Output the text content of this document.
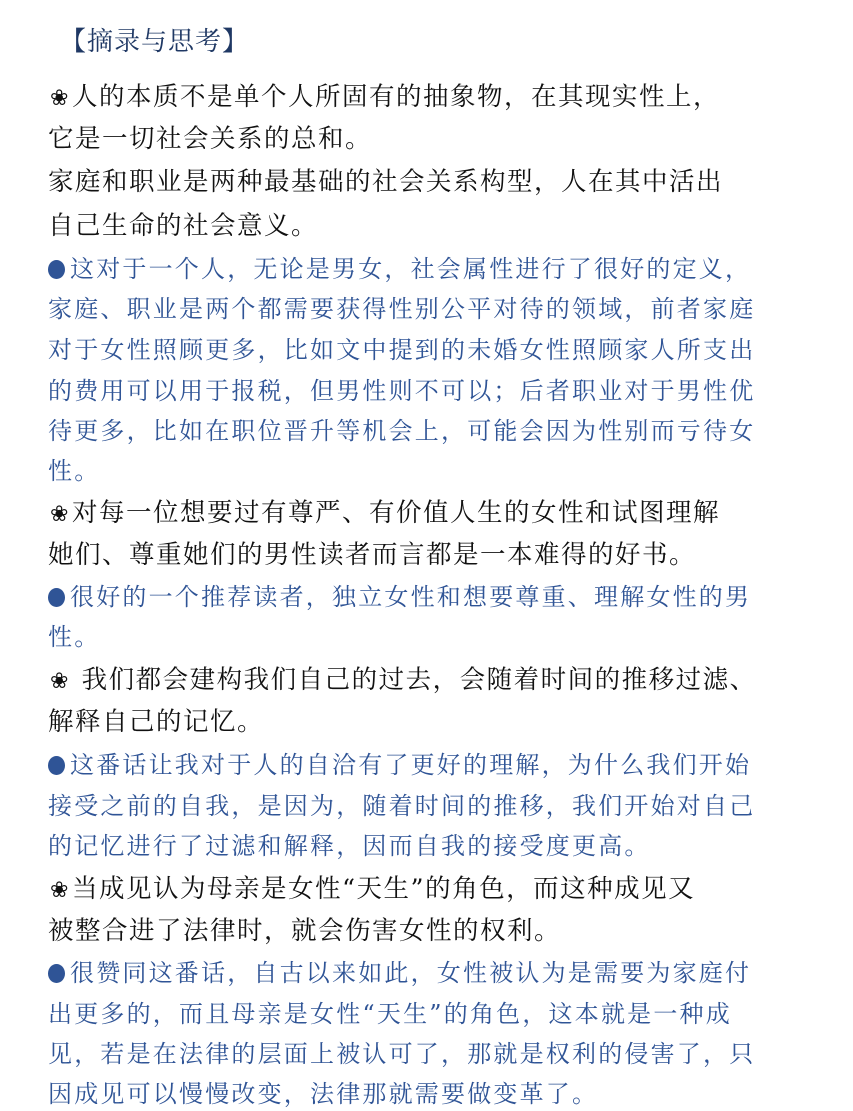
【摘录与思考】
❀人的本质不是单个人所固有的抽象物，在其现实性上，
它是一切社会关系的总和。
家庭和职业是两种最基础的社会关系构型，人在其中活出
自己生命的社会意义。
这对于一个人，无论是男女，社会属性进行了很好的定义，
家庭、职业是两个都需要获得性别公平对待的领域，前者家庭
对于女性照顾更多，比如文中提到的未婚女性照顾家人所支出
的费用可以用于报税，但男性则不可以；后者职业对于男性优
待更多，比如在职位晋升等机会上，可能会因为性别而亏待女
性。
❀对每一位想要过有尊严、有价值人生的女性和试图理解
她们、尊重她们的男性读者而言都是一本难得的好书。
很好的一个推荐读者，独立女性和想要尊重、理解女性的男
性。
❀ 我们都会建构我们自己的过去，会随着时间的推移过滤、
解释自己的记忆。
这番话让我对于人的自洽有了更好的理解，为什么我们开始
接受之前的自我，是因为，随着时间的推移，我们开始对自己
的记忆进行了过滤和解释，因而自我的接受度更高。
❀当成见认为母亲是女性“天生”的角色，而这种成见又
被整合进了法律时，就会伤害女性的权利。
很赞同这番话，自古以来如此，女性被认为是需要为家庭付
出更多的，而且母亲是女性“天生”的角色，这本就是一种成
见，若是在法律的层面上被认可了，那就是权利的侵害了，只
因成见可以慢慢改变，法律那就需要做变革了。
